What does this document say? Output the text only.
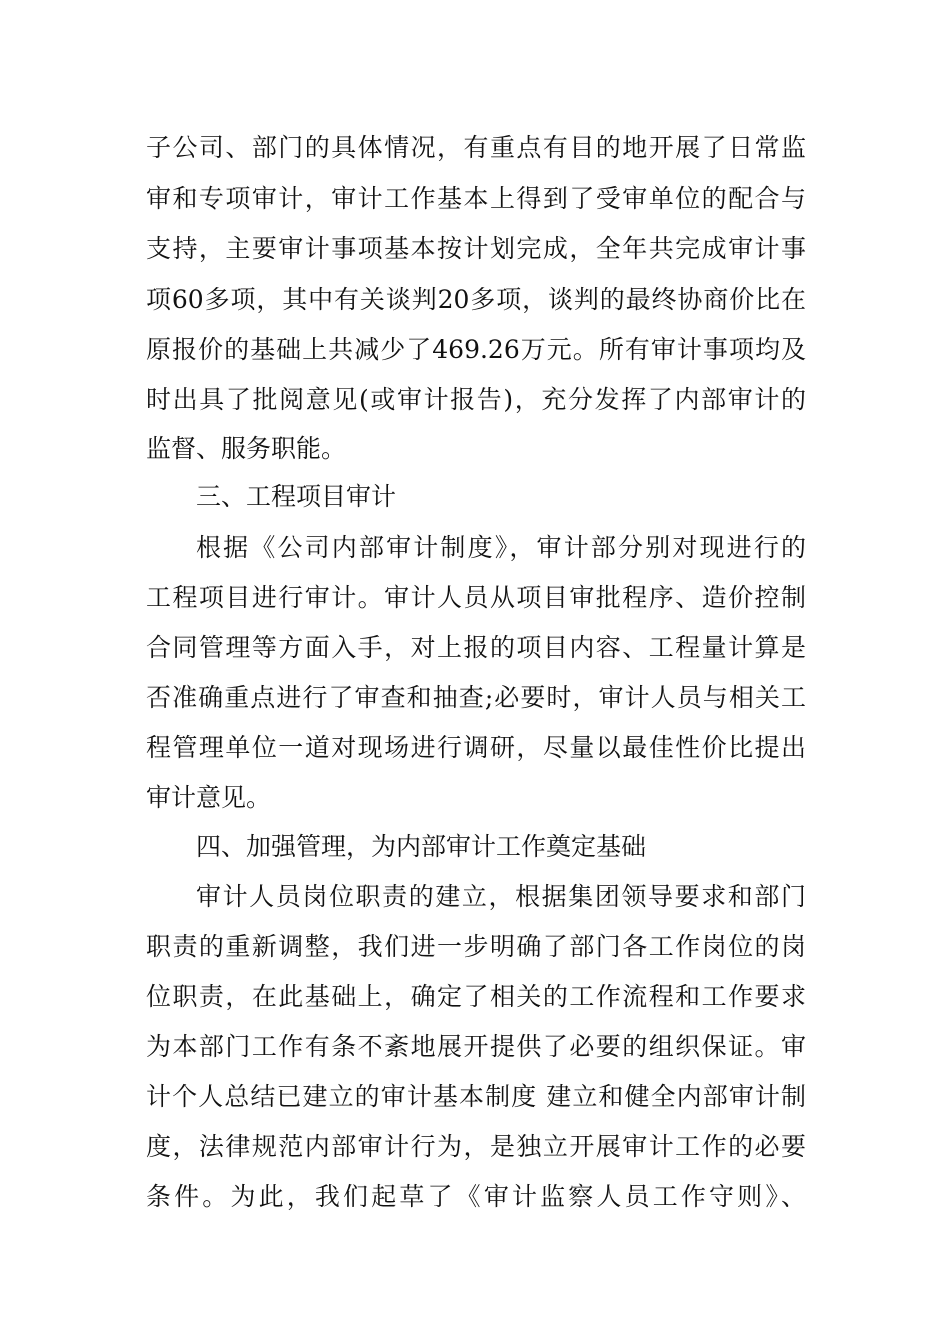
子公司、部门的具体情况，有重点有目的地开展了日常监
审和专项审计，审计工作基本上得到了受审单位的配合与
支持，主要审计事项基本按计划完成，全年共完成审计事
项60多项，其中有关谈判20多项，谈判的最终协商价比在
原报价的基础上共减少了469.26万元。所有审计事项均及
时出具了批阅意见(或审计报告)，充分发挥了内部审计的
监督、服务职能。
三、工程项目审计
根据《公司内部审计制度》，审计部分别对现进行的
工程项目进行审计。审计人员从项目审批程序、造价控制
合同管理等方面入手，对上报的项目内容、工程量计算是
否准确重点进行了审查和抽查;必要时，审计人员与相关工
程管理单位一道对现场进行调研，尽量以最佳性价比提出
审计意见。
四、加强管理，为内部审计工作奠定基础
审计人员岗位职责的建立，根据集团领导要求和部门
职责的重新调整，我们进一步明确了部门各工作岗位的岗
位职责，在此基础上，确定了相关的工作流程和工作要求
为本部门工作有条不紊地展开提供了必要的组织保证。审
计个人总结已建立的审计基本制度 建立和健全内部审计制
度，法律规范内部审计行为，是独立开展审计工作的必要
条件。为此，我们起草了《审计监察人员工作守则》、
